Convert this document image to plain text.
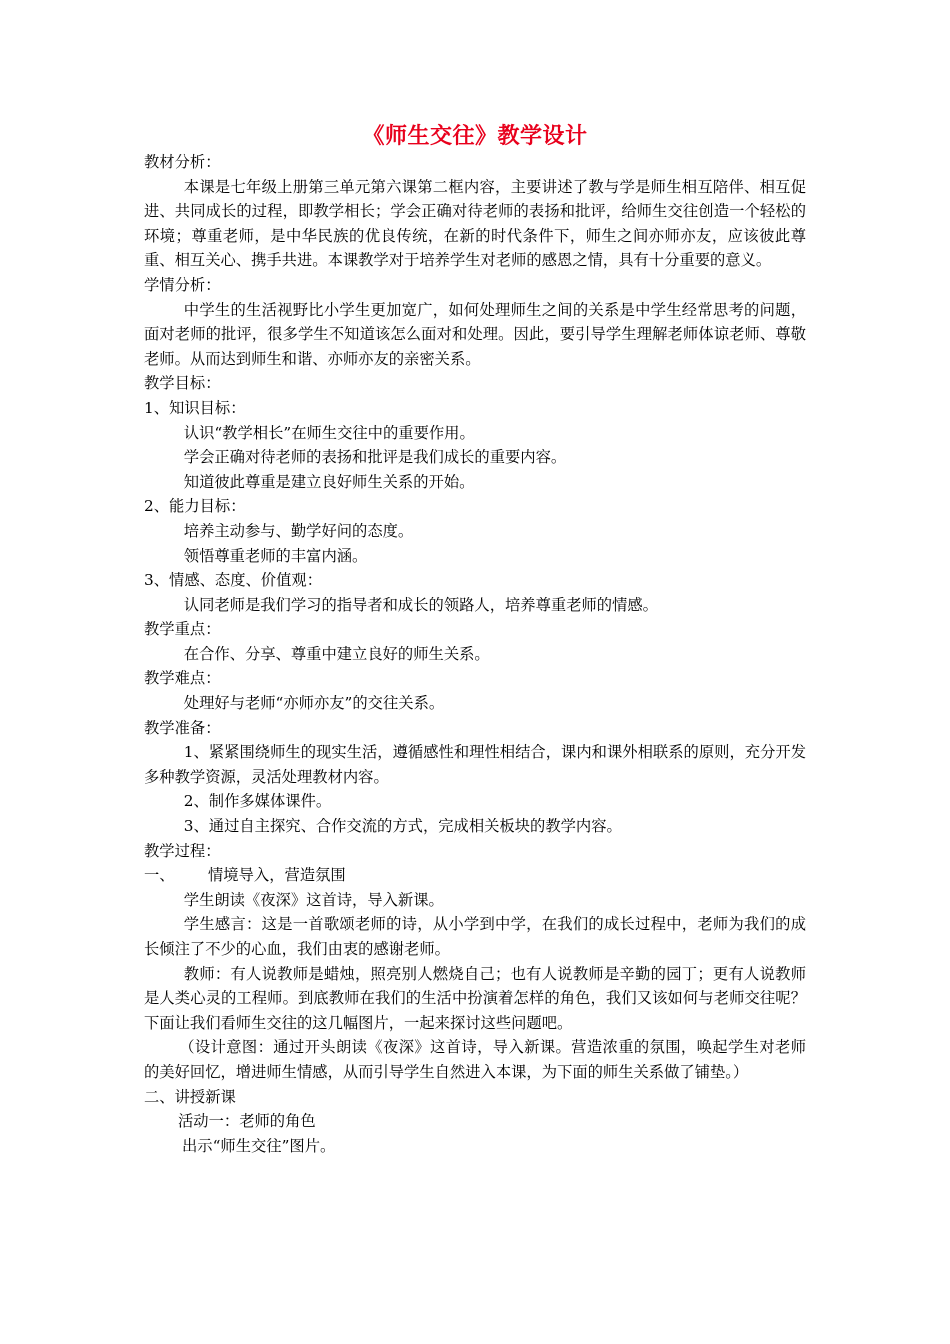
《师生交往》教学设计

教材分析：

本课是七年级上册第三单元第六课第二框内容，主要讲述了教与学是师生相互陪伴、相互促进、共同成长的过程，即教学相长；学会正确对待老师的表扬和批评，给师生交往创造一个轻松的环境；尊重老师，是中华民族的优良传统，在新的时代条件下，师生之间亦师亦友，应该彼此尊重、相互关心、携手共进。本课教学对于培养学生对老师的感恩之情，具有十分重要的意义。

学情分析：

中学生的生活视野比小学生更加宽广，如何处理师生之间的关系是中学生经常思考的问题，面对老师的批评，很多学生不知道该怎么面对和处理。因此，要引导学生理解老师体谅老师、尊敬老师。从而达到师生和谐、亦师亦友的亲密关系。

教学目标：

1、知识目标：

认识“教学相长”在师生交往中的重要作用。

学会正确对待老师的表扬和批评是我们成长的重要内容。

知道彼此尊重是建立良好师生关系的开始。

2、能力目标：

培养主动参与、勤学好问的态度。

领悟尊重老师的丰富内涵。

3、情感、态度、价值观：

认同老师是我们学习的指导者和成长的领路人，培养尊重老师的情感。

教学重点：

在合作、分享、尊重中建立良好的师生关系。

教学难点：

处理好与老师“亦师亦友”的交往关系。

教学准备：

1、紧紧围绕师生的现实生活，遵循感性和理性相结合，课内和课外相联系的原则，充分开发多种教学资源，灵活处理教材内容。

2、制作多媒体课件。

3、通过自主探究、合作交流的方式，完成相关板块的教学内容。

教学过程：

一、	情境导入，营造氛围

学生朗读《夜深》这首诗，导入新课。

学生感言：这是一首歌颂老师的诗，从小学到中学，在我们的成长过程中，老师为我们的成长倾注了不少的心血，我们由衷的感谢老师。

教师：有人说教师是蜡烛，照亮别人燃烧自己；也有人说教师是辛勤的园丁；更有人说教师是人类心灵的工程师。到底教师在我们的生活中扮演着怎样的角色，我们又该如何与老师交往呢？下面让我们看师生交往的这几幅图片，一起来探讨这些问题吧。

（设计意图：通过开头朗读《夜深》这首诗，导入新课。营造浓重的氛围，唤起学生对老师的美好回忆，增进师生情感，从而引导学生自然进入本课，为下面的师生关系做了铺垫。）

二、讲授新课

活动一：老师的角色

出示“师生交往”图片。
